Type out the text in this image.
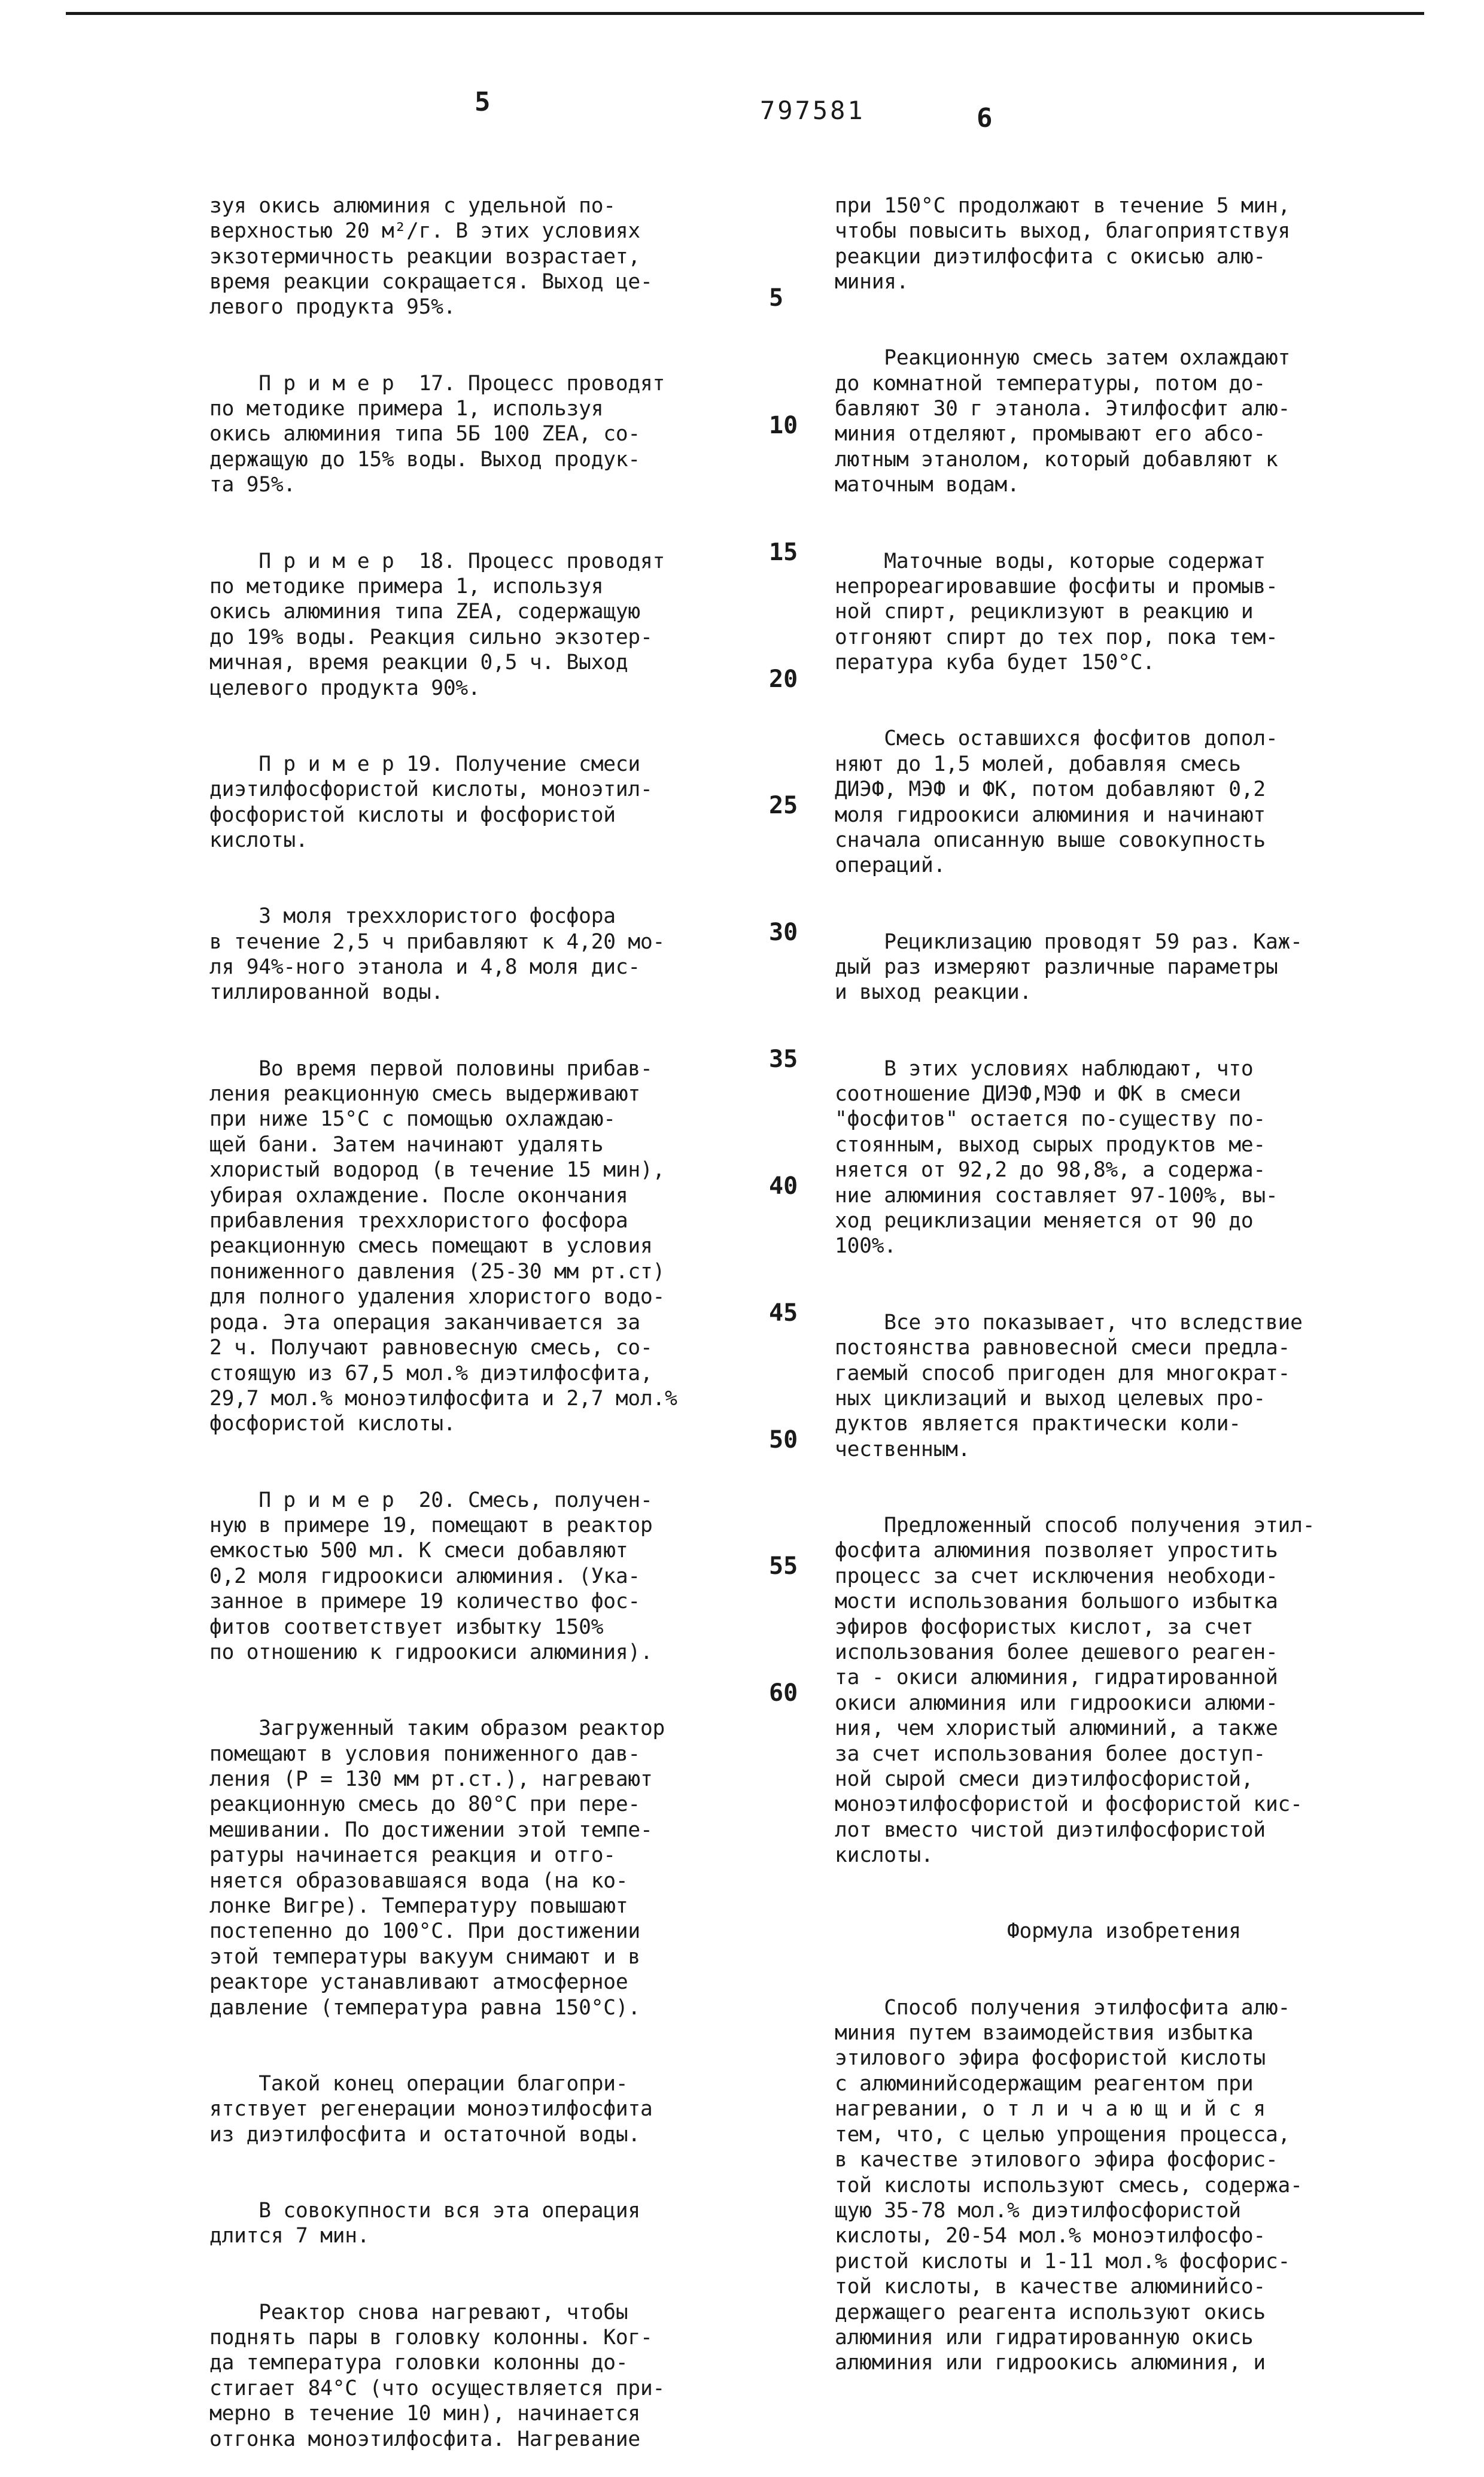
5	797581	6

зуя окись алюминия с удельной по-
верхностью 20 м²/г. В этих условиях
экзотермичность реакции возрастает,
время реакции сокращается. Выход це-
левого продукта 95%.

П р и м е р  17. Процесс проводят
по методике примера 1, используя
окись алюминия типа 5Б 100 ZEA, со-
держащую до 15% воды. Выход продук-
та 95%.

П р и м е р  18. Процесс проводят
по методике примера 1, используя
окись алюминия типа ZEA, содержащую
до 19% воды. Реакция сильно экзотер-
мичная, время реакции 0,5 ч. Выход
целевого продукта 90%.

П р и м е р 19. Получение смеси
диэтилфосфористой кислоты, моноэтил-
фосфористой кислоты и фосфористой
кислоты.

3 моля треххлористого фосфора
в течение 2,5 ч прибавляют к 4,20 мо-
ля 94%-ного этанола и 4,8 моля дис-
тиллированной воды.

Во время первой половины прибав-
ления реакционную смесь выдерживают
при ниже 15°С с помощью охлаждаю-
щей бани. Затем начинают удалять
хлористый водород (в течение 15 мин),
убирая охлаждение. После окончания
прибавления треххлористого фосфора
реакционную смесь помещают в условия
пониженного давления (25-30 мм рт.ст)
для полного удаления хлористого водо-
рода. Эта операция заканчивается за
2 ч. Получают равновесную смесь, со-
стоящую из 67,5 мол.% диэтилфосфита,
29,7 мол.% моноэтилфосфита и 2,7 мол.%
фосфористой кислоты.

П р и м е р  20. Смесь, получен-
ную в примере 19, помещают в реактор
емкостью 500 мл. К смеси добавляют
0,2 моля гидроокиси алюминия. (Ука-
занное в примере 19 количество фос-
фитов соответствует избытку 150%
по отношению к гидроокиси алюминия).

Загруженный таким образом реактор
помещают в условия пониженного дав-
ления (Р = 130 мм рт.ст.), нагревают
реакционную смесь до 80°С при пере-
мешивании. По достижении этой темпе-
ратуры начинается реакция и отго-
няется образовавшаяся вода (на ко-
лонке Вигре). Температуру повышают
постепенно до 100°С. При достижении
этой температуры вакуум снимают и в
реакторе устанавливают атмосферное
давление (температура равна 150°С).

Такой конец операции благопри-
ятствует регенерации моноэтилфосфита
из диэтилфосфита и остаточной воды.

В совокупности вся эта операция
длится 7 мин.

Реактор снова нагревают, чтобы
поднять пары в головку колонны. Ког-
да температура головки колонны до-
стигает 84°С (что осуществляется при-
мерно в течение 10 мин), начинается
отгонка моноэтилфосфита. Нагревание

при 150°С продолжают в течение 5 мин,
чтобы повысить выход, благоприятствуя
реакции диэтилфосфита с окисью алю-
миния.

Реакционную смесь затем охлаждают
до комнатной температуры, потом до-
бавляют 30 г этанола. Этилфосфит алю-
миния отделяют, промывают его абсо-
лютным этанолом, который добавляют к
маточным водам.

Маточные воды, которые содержат
непрореагировавшие фосфиты и промыв-
ной спирт, рециклизуют в реакцию и
отгоняют спирт до тех пор, пока тем-
пература куба будет 150°С.

Смесь оставшихся фосфитов допол-
няют до 1,5 молей, добавляя смесь
ДИЭФ, МЭФ и ФК, потом добавляют 0,2
моля гидроокиси алюминия и начинают
сначала описанную выше совокупность
операций.

Рециклизацию проводят 59 раз. Каж-
дый раз измеряют различные параметры
и выход реакции.

В этих условиях наблюдают, что
соотношение ДИЭФ,МЭФ и ФК в смеси
"фосфитов" остается по-существу по-
стоянным, выход сырых продуктов ме-
няется от 92,2 до 98,8%, а содержа-
ние алюминия составляет 97-100%, вы-
ход рециклизации меняется от 90 до
100%.

Все это показывает, что вследствие
постоянства равновесной смеси предла-
гаемый способ пригоден для многократ-
ных циклизаций и выход целевых про-
дуктов является практически коли-
чественным.

Предложенный способ получения этил-
фосфита алюминия позволяет упростить
процесс за счет исключения необходи-
мости использования большого избытка
эфиров фосфористых кислот, за счет
использования более дешевого реаген-
та - окиси алюминия, гидратированной
окиси алюминия или гидроокиси алюми-
ния, чем хлористый алюминий, а также
за счет использования более доступ-
ной сырой смеси диэтилфосфористой,
моноэтилфосфористой и фосфористой кис-
лот вместо чистой диэтилфосфористой
кислоты.

Формула изобретения

Способ получения этилфосфита алю-
миния путем взаимодействия избытка
этилового эфира фосфористой кислоты
с алюминийсодержащим реагентом при
нагревании, о т л и ч а ю щ и й с я
тем, что, с целью упрощения процесса,
в качестве этилового эфира фосфорис-
той кислоты используют смесь, содержа-
щую 35-78 мол.% диэтилфосфористой
кислоты, 20-54 мол.% моноэтилфосфо-
ристой кислоты и 1-11 мол.% фосфорис-
той кислоты, в качестве алюминийсо-
держащего реагента используют окись
алюминия или гидратированную окись
алюминия или гидроокись алюминия, и

5
10
15
20
25
30
35
40
45
50
55
60
